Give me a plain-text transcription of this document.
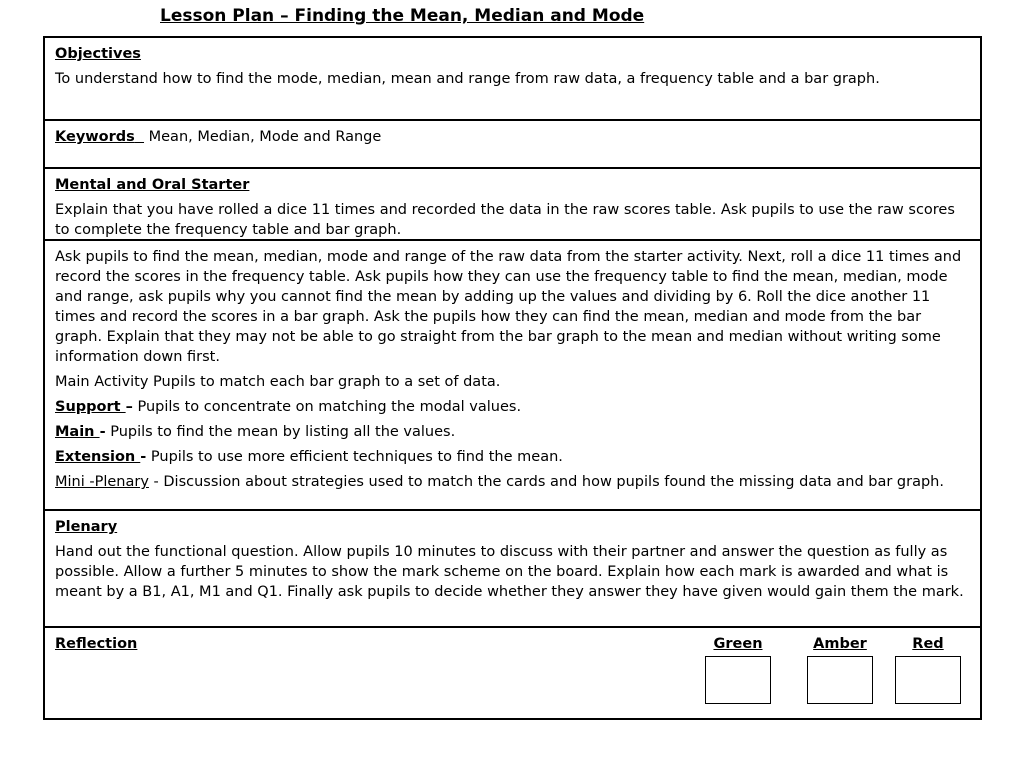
Lesson Plan – Finding the Mean, Median and Mode

Objectives

To understand how to find the mode, median, mean and range from raw data, a frequency table and a bar graph.

Keywords Mean, Median, Mode and Range

Mental and Oral Starter

Explain that you have rolled a dice 11 times and recorded the data in the raw scores table. Ask pupils to use the raw scores to complete the frequency table and bar graph.

Ask pupils to find the mean, median, mode and range of the raw data from the starter activity. Next, roll a dice 11 times and record the scores in the frequency table. Ask pupils how they can use the frequency table to find the mean, median, mode and range, ask pupils why you cannot find the mean by adding up the values and dividing by 6. Roll the dice another 11 times and record the scores in a bar graph. Ask the pupils how they can find the mean, median and mode from the bar graph. Explain that they may not be able to go straight from the bar graph to the mean and median without writing some information down first.

Main Activity Pupils to match each bar graph to a set of data.

Support – Pupils to concentrate on matching the modal values.

Main - Pupils to find the mean by listing all the values.

Extension - Pupils to use more efficient techniques to find the mean.

Mini -Plenary - Discussion about strategies used to match the cards and how pupils found the missing data and bar graph.

Plenary

Hand out the functional question. Allow pupils 10 minutes to discuss with their partner and answer the question as fully as possible. Allow a further 5 minutes to show the mark scheme on the board. Explain how each mark is awarded and what is meant by a B1, A1, M1 and Q1. Finally ask pupils to decide whether they answer they have given would gain them the mark.

Reflection	Green	Amber	Red
